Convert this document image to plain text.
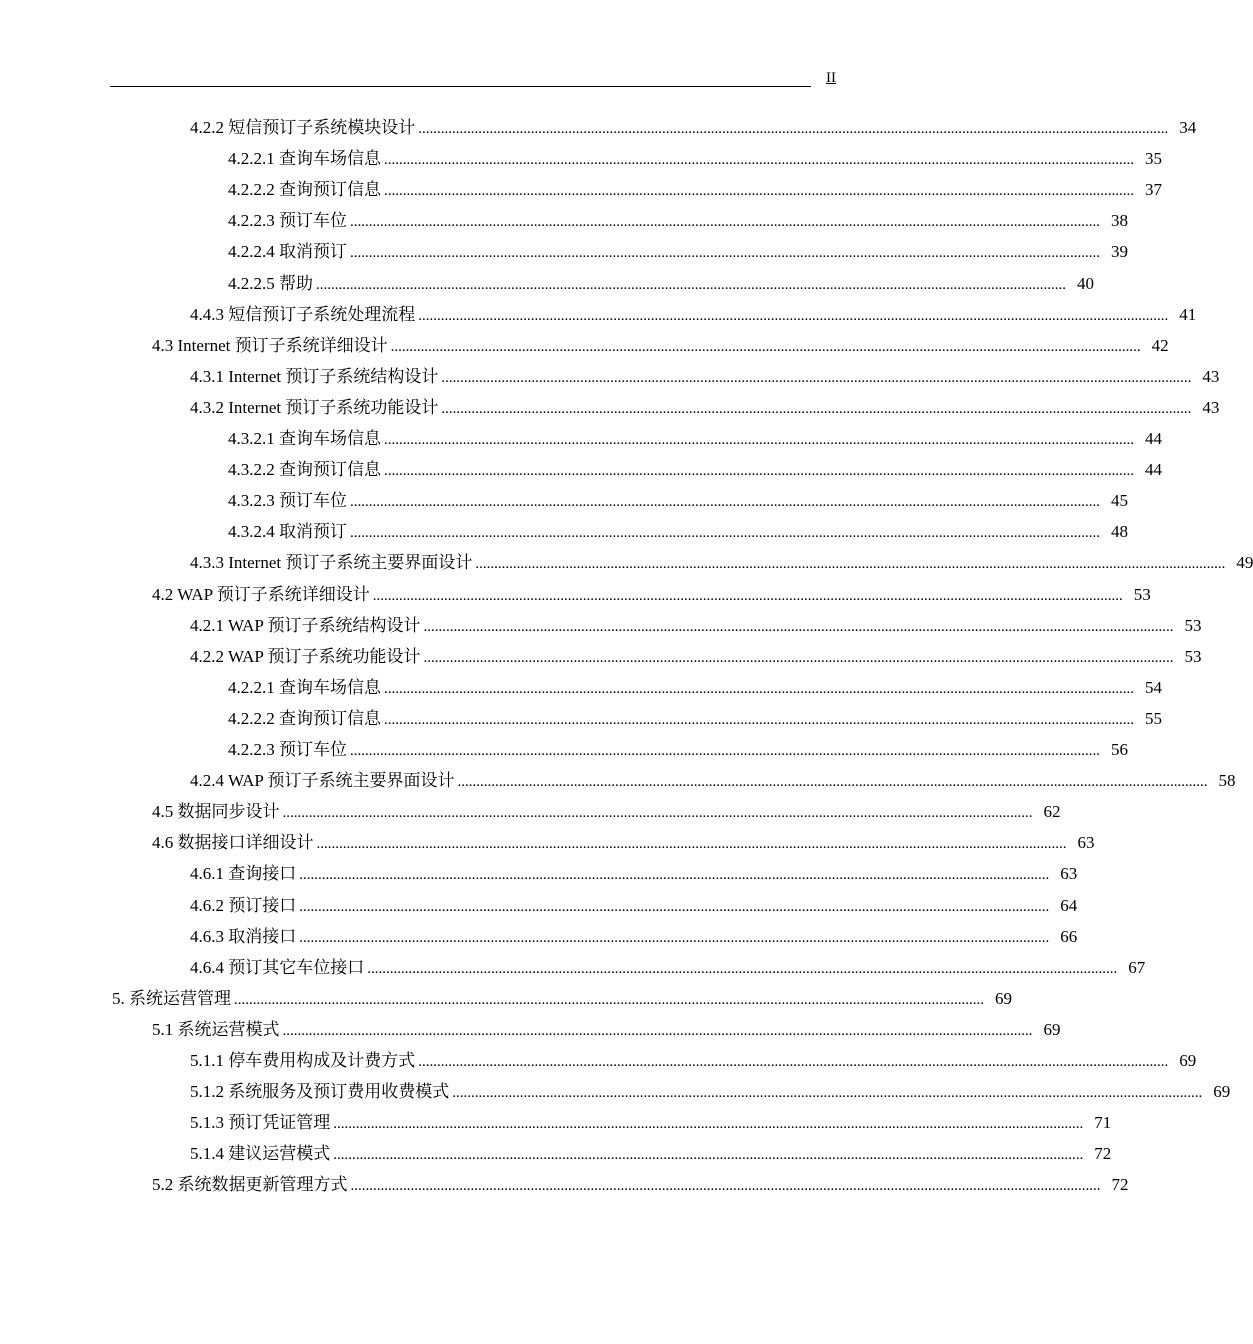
II
4.2.2 短信预订子系统模块设计 ........................................................................................................................................................................................................ 34
4.2.2.1 查询车场信息 ........................................................................................................................................................................................................ 35
4.2.2.2 查询预订信息 ........................................................................................................................................................................................................ 37
4.2.2.3 预订车位 ........................................................................................................................................................................................................ 38
4.2.2.4 取消预订 ........................................................................................................................................................................................................ 39
4.2.2.5 帮助 ........................................................................................................................................................................................................ 40
4.4.3 短信预订子系统处理流程 ........................................................................................................................................................................................................ 41
4.3 Internet 预订子系统详细设计 ........................................................................................................................................................................................................ 42
4.3.1 Internet 预订子系统结构设计 ........................................................................................................................................................................................................ 43
4.3.2 Internet 预订子系统功能设计 ........................................................................................................................................................................................................ 43
4.3.2.1 查询车场信息 ........................................................................................................................................................................................................ 44
4.3.2.2 查询预订信息 ........................................................................................................................................................................................................ 44
4.3.2.3 预订车位 ........................................................................................................................................................................................................ 45
4.3.2.4 取消预订 ........................................................................................................................................................................................................ 48
4.3.3 Internet 预订子系统主要界面设计 ........................................................................................................................................................................................................ 49
4.2 WAP 预订子系统详细设计 ........................................................................................................................................................................................................ 53
4.2.1 WAP 预订子系统结构设计 ........................................................................................................................................................................................................ 53
4.2.2 WAP 预订子系统功能设计 ........................................................................................................................................................................................................ 53
4.2.2.1 查询车场信息 ........................................................................................................................................................................................................ 54
4.2.2.2 查询预订信息 ........................................................................................................................................................................................................ 55
4.2.2.3 预订车位 ........................................................................................................................................................................................................ 56
4.2.4 WAP 预订子系统主要界面设计 ........................................................................................................................................................................................................ 58
4.5 数据同步设计 ........................................................................................................................................................................................................ 62
4.6 数据接口详细设计 ........................................................................................................................................................................................................ 63
4.6.1 查询接口 ........................................................................................................................................................................................................ 63
4.6.2 预订接口 ........................................................................................................................................................................................................ 64
4.6.3 取消接口 ........................................................................................................................................................................................................ 66
4.6.4 预订其它车位接口 ........................................................................................................................................................................................................ 67
5. 系统运营管理 ........................................................................................................................................................................................................ 69
5.1 系统运营模式 ........................................................................................................................................................................................................ 69
5.1.1 停车费用构成及计费方式 ........................................................................................................................................................................................................ 69
5.1.2 系统服务及预订费用收费模式 ........................................................................................................................................................................................................ 69
5.1.3 预订凭证管理 ........................................................................................................................................................................................................ 71
5.1.4 建议运营模式 ........................................................................................................................................................................................................ 72
5.2 系统数据更新管理方式 ........................................................................................................................................................................................................ 72
